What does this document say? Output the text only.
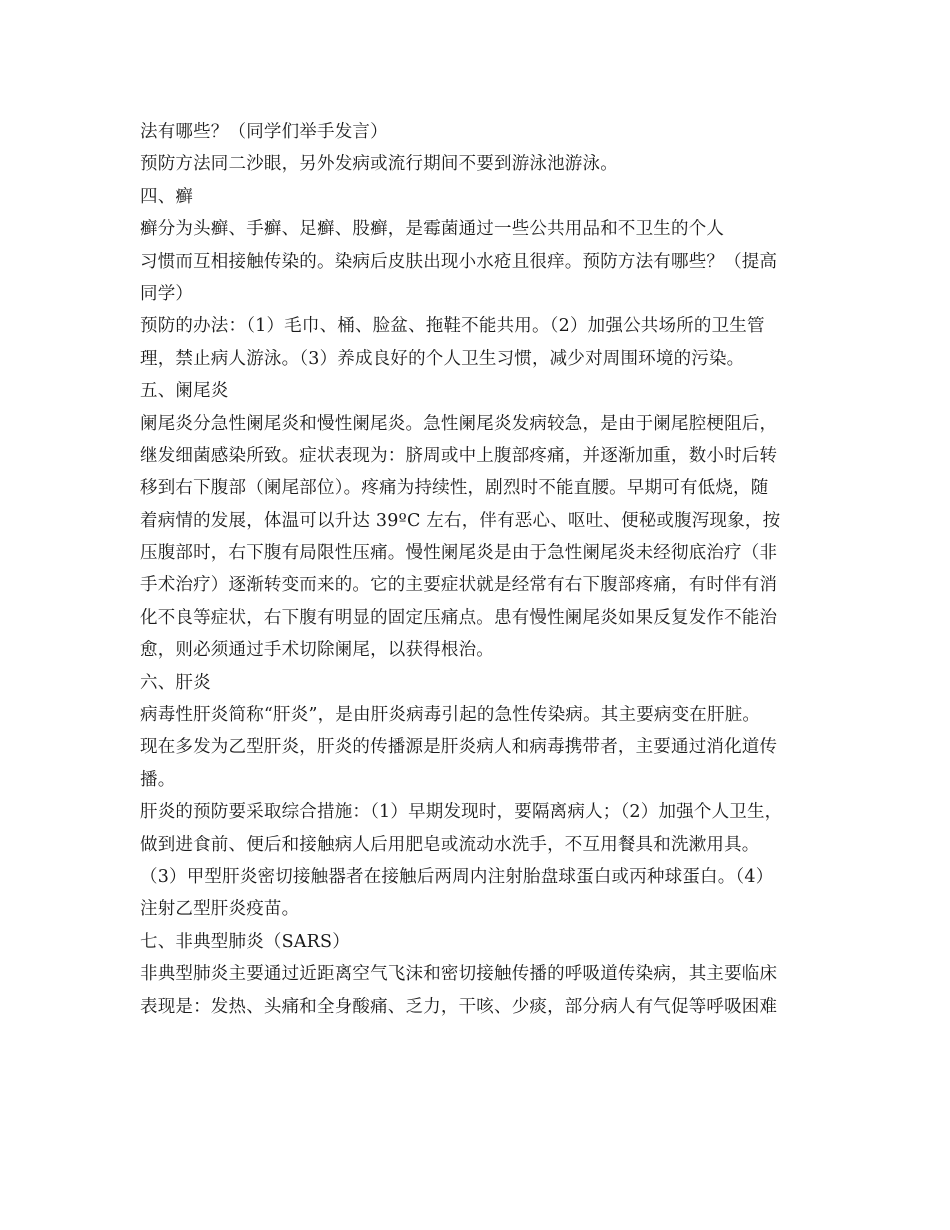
法有哪些？（同学们举手发言）
预防方法同二沙眼，另外发病或流行期间不要到游泳池游泳。
四、癣
癣分为头癣、手癣、足癣、股癣，是霉菌通过一些公共用品和不卫生的个人
习惯而互相接触传染的。染病后皮肤出现小水疮且很痒。预防方法有哪些？（提高
同学）
预防的办法：（1）毛巾、桶、脸盆、拖鞋不能共用。（2）加强公共场所的卫生管
理，禁止病人游泳。（3）养成良好的个人卫生习惯，减少对周围环境的污染。
五、阑尾炎
阑尾炎分急性阑尾炎和慢性阑尾炎。急性阑尾炎发病较急，是由于阑尾腔梗阻后，
继发细菌感染所致。症状表现为：脐周或中上腹部疼痛，并逐渐加重，数小时后转
移到右下腹部（阑尾部位）。疼痛为持续性，剧烈时不能直腰。早期可有低烧，随
着病情的发展，体温可以升达 39ºC 左右，伴有恶心、呕吐、便秘或腹泻现象，按
压腹部时，右下腹有局限性压痛。慢性阑尾炎是由于急性阑尾炎未经彻底治疗（非
手术治疗）逐渐转变而来的。它的主要症状就是经常有右下腹部疼痛，有时伴有消
化不良等症状，右下腹有明显的固定压痛点。患有慢性阑尾炎如果反复发作不能治
愈，则必须通过手术切除阑尾，以获得根治。
六、肝炎
病毒性肝炎简称“肝炎”，是由肝炎病毒引起的急性传染病。其主要病变在肝脏。
现在多发为乙型肝炎，肝炎的传播源是肝炎病人和病毒携带者，主要通过消化道传
播。
肝炎的预防要采取综合措施：（1）早期发现时，要隔离病人；（2）加强个人卫生，
做到进食前、便后和接触病人后用肥皂或流动水洗手，不互用餐具和洗漱用具。
（3）甲型肝炎密切接触器者在接触后两周内注射胎盘球蛋白或丙种球蛋白。（4）
注射乙型肝炎疫苗。
七、非典型肺炎（SARS）
非典型肺炎主要通过近距离空气飞沫和密切接触传播的呼吸道传染病，其主要临床
表现是：发热、头痛和全身酸痛、乏力，干咳、少痰，部分病人有气促等呼吸困难
